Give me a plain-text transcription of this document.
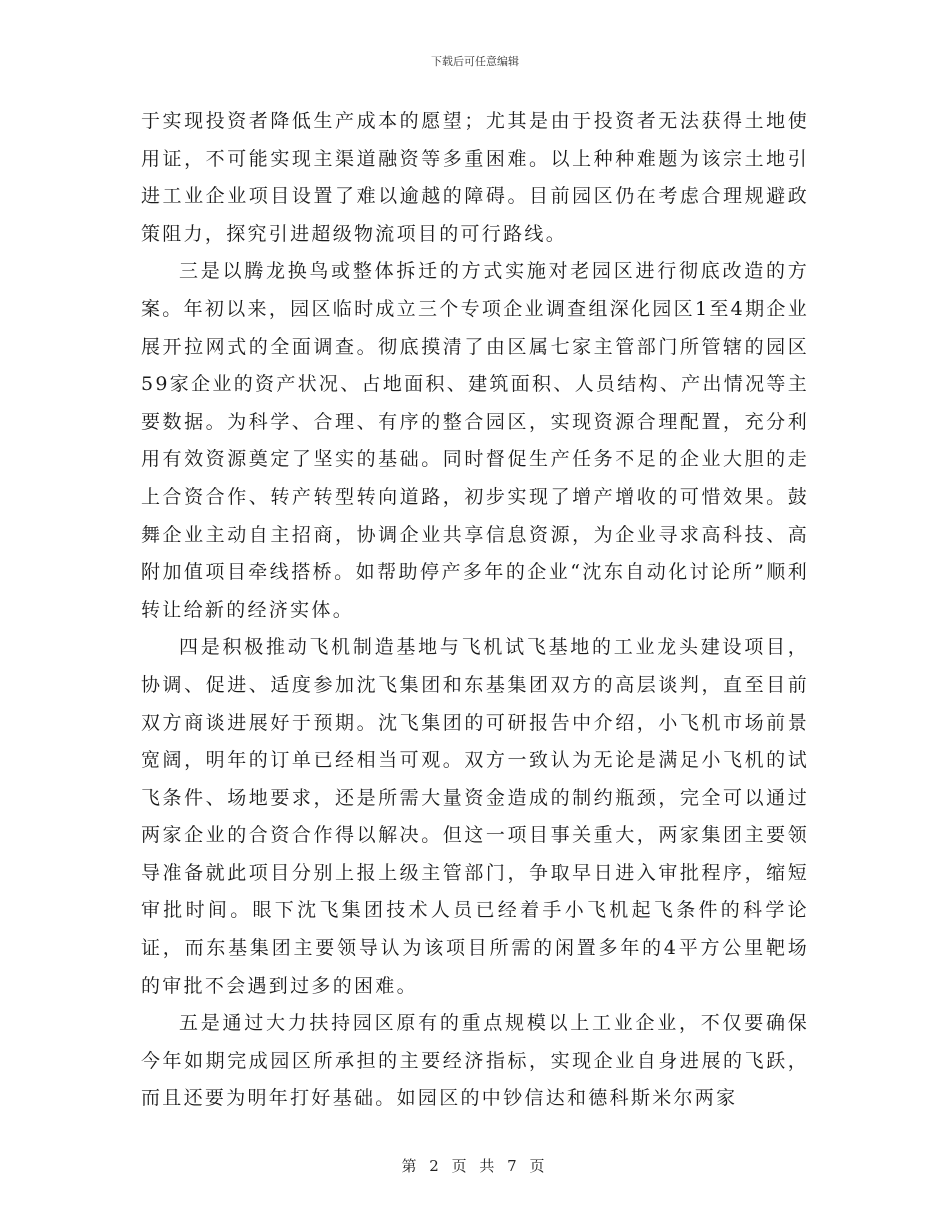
下载后可任意编辑

于实现投资者降低生产成本的愿望；尤其是由于投资者无法获得土地使用证，不可能实现主渠道融资等多重困难。以上种种难题为该宗土地引进工业企业项目设置了难以逾越的障碍。目前园区仍在考虑合理规避政策阻力，探究引进超级物流项目的可行路线。

三是以腾龙换鸟或整体拆迁的方式实施对老园区进行彻底改造的方案。年初以来，园区临时成立三个专项企业调查组深化园区1至4期企业展开拉网式的全面调查。彻底摸清了由区属七家主管部门所管辖的园区59家企业的资产状况、占地面积、建筑面积、人员结构、产出情况等主要数据。为科学、合理、有序的整合园区，实现资源合理配置，充分利用有效资源奠定了坚实的基础。同时督促生产任务不足的企业大胆的走上合资合作、转产转型转向道路，初步实现了增产增收的可惜效果。鼓舞企业主动自主招商，协调企业共享信息资源，为企业寻求高科技、高附加值项目牵线搭桥。如帮助停产多年的企业“沈东自动化讨论所”顺利转让给新的经济实体。

四是积极推动飞机制造基地与飞机试飞基地的工业龙头建设项目，协调、促进、适度参加沈飞集团和东基集团双方的高层谈判，直至目前双方商谈进展好于预期。沈飞集团的可研报告中介绍，小飞机市场前景宽阔，明年的订单已经相当可观。双方一致认为无论是满足小飞机的试飞条件、场地要求，还是所需大量资金造成的制约瓶颈，完全可以通过两家企业的合资合作得以解决。但这一项目事关重大，两家集团主要领导准备就此项目分别上报上级主管部门，争取早日进入审批程序，缩短审批时间。眼下沈飞集团技术人员已经着手小飞机起飞条件的科学论证，而东基集团主要领导认为该项目所需的闲置多年的4平方公里靶场的审批不会遇到过多的困难。

五是通过大力扶持园区原有的重点规模以上工业企业，不仅要确保今年如期完成园区所承担的主要经济指标，实现企业自身进展的飞跃，而且还要为明年打好基础。如园区的中钞信达和德科斯米尔两家

第 2 页 共 7 页
